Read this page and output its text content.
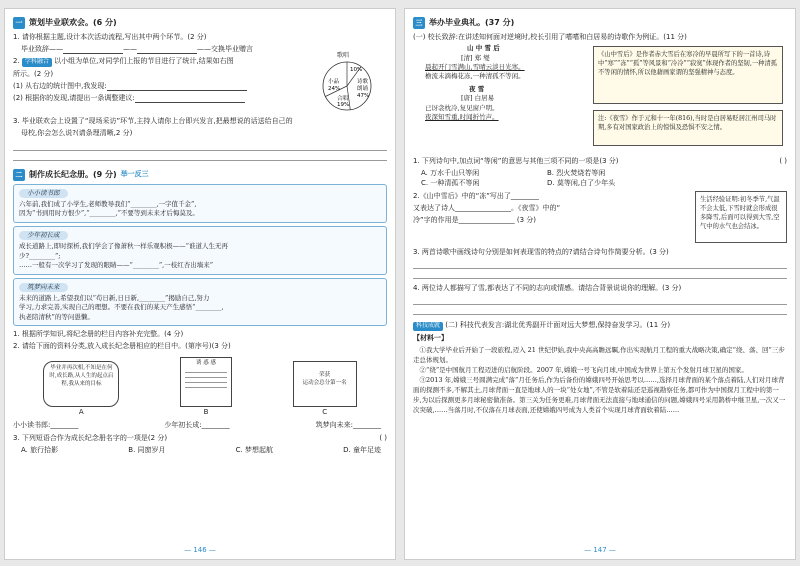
一 策划毕业联欢会。(6 分)
1. 请你根据主题,设计本次活动流程,写出其中两个环节。(2 分)
毕业致辞——	——	——交换毕业赠言
2. 学科融合 以小组为单位,对同学们上报的节目进行了统计,结果如右图
所示。(2 分)
(1) 从右边的统计图中,我发现:
(2) 根据你的发现,请提出一条调整建议:
歌唱
10%
诗歌
朗诵
47%
小品
24%
合唱
19%
3. 毕业联欢会上设置了“现场采访”环节,主持人请你上台即兴发言,把最想说的话送给自己的
母校,你会怎么说?(请条理清晰,2 分)
二 制作成长纪念册。(9 分) 举一反三
小小读书郎

六年前,我们成了小学生,老师教导我们“________,一字值千金”,

因为“书到用时方恨少”,“________,”不要等到未来才后悔莫及。

少年初长成

成长道路上,即时探析,我们学会了像萧秋一样乐观积极——“谁道人生无再

少?________”;

……一般有一次学习了发现的眼睛——“________”,一枝红杏出墙来”

筑梦向未来

未来的道路上,希望我们以“苟日新,日日新,________”揭励自己,努力

学习,力求完善,实现自己的理想。不要在我们的某天产生感悟“________,

执老陪清秋”的等问愚懒。

1. 根据所学知识,将纪念册的栏目内容补充完整。(4 分)
2. 请给下面的资料分类,放入成长纪念册相应的栏目中。(第序号)(3 分)
毕业并再次相,不知是在何时,成长路,从人生的起点启程,我从来的目标
A
诱 惑 感
B
荣获
运动会总分第一名
C
小小读书郎:________	少年初长成:________	筑梦向未来:________
3. 下列短语合作为成长纪念册名字的一项是(2 分)	( )
A. 旅行拾影	B. 同窗岁月	C. 梦想起航	D. 童年足迹
— 146 —
三 举办毕业典礼。(37 分)
(一) 校长致辞:在讲述知何面对逆境时,校长引用了嗜嗜和白居易的诗歌作为例证。(11 分)
山 中 雪 后
[清] 郑 燮
晨起开门雪满山,雪晴云淡日光寒。
檐流未滴梅花冻,一种清孤不等闲。
夜 雪
[唐] 白居易
已讶衾枕冷,复见窗户明。
夜深知雪重,时闻折竹声。
《山中雪后》是作者赤大雪后在寒冷的早晨所写下的一首诗,诗中“寒”“冻”“孤”等风景和“冷冷”“寂寞”体现作者的坚韧,一种清孤不等闲的情怀,所以他藉画家谓的坚强精神与态度。
注:《夜雪》作于元和十一年(816),当时是白居易贬居江州司马时期,多有对国家政治上的惊惧及恐惧不安之情。
1. 下列诗句中,加点词“等闲”的意思与其他三项不同的一项是(3 分)	( )
A. 万水千山只等闲	B. 烈火焚烧若等闲
C. 一种清孤不等闲	D. 莫等闲,白了少年头
2.《山中雪后》中的“冻”写出了________
又表达了诗人________________。《夜雪》中的“
冷”字的作用是________________ (3 分)
生活经验证明:初冬季节,气温不会太低,下雪时就会形成很多降雪,后面可以得到大雪,空气中的水气也会结冰。
3. 两首诗歌中画线诗句分别是如何表现雪的特点的?请结合诗句作简要分析。(3 分)
4. 两位诗人都描写了雪,都表达了不同的志向或情感。请结合背景说说你的理解。(3 分)
科技成就 (二) 科技代表发言:湖北优秀副开计面对远大梦想,保持奋发学习。(11 分)
【材料一】

①我大学毕业后开始了一段旅程,迈入 21 世纪伊始,我中央高高瞻远瞩,作出实现航月工程的重大战略决策,确定“绕、落、回”三步走总体规划。

②“绕”是中国航月工程迈进的启航阶段。2007 年,嫦娥一号飞向月球,中国成为世界上第五个发射月球卫星的国家。

③2013 年,嫦娥三号圆满完成“落”月任务后,作为后备份的嫦娥四号开始思考以……,选择月球背面的某个落点着陆,人们对月球背面的探测不多,不解其土,月球背面一直是地球人的一块“处女地”,不管是软着陆还是巡视勘察任务,都可作为中国探月工程中的第一步,为以后探测更多月球秘密做准备。第三关为任务更难,月球背面无法直接与地球通信的问题,嫦娥四号采用鹊桥中继卫星,一次又一次突破,……当落月时,不仅落在月球表面,还使嫦娥四号成为人类首个实现月球背面软着陆……

— 147 —
